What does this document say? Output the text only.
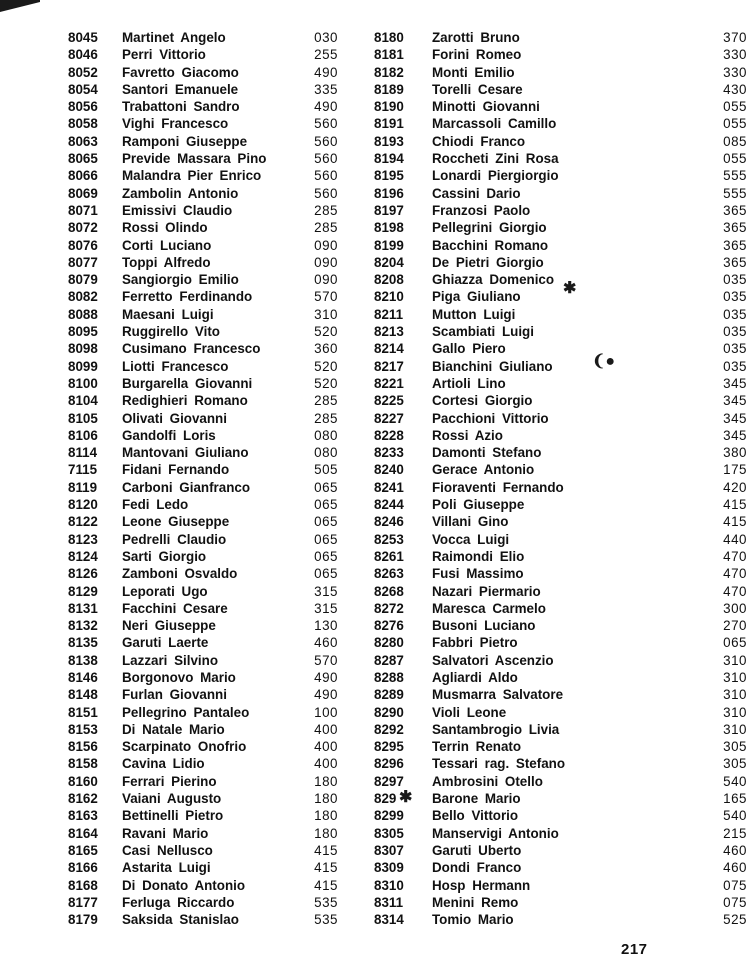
8045 Martinet Angelo	030
8046 Perri Vittorio	255
8052 Favretto Giacomo	490
8054 Santori Emanuele	335
8056 Trabattoni Sandro	490
8058 Vighi Francesco	560
8063 Ramponi Giuseppe	560
8065 Previde Massara Pino	560
8066 Malandra Pier Enrico	560
8069 Zambolin Antonio	560
8071 Emissivi Claudio	285
8072 Rossi Olindo	285
8076 Corti Luciano	090
8077 Toppi Alfredo	090
8079 Sangiorgio Emilio	090
8082 Ferretto Ferdinando	570
8088 Maesani Luigi	310
8095 Ruggirello Vito	520
8098 Cusimano Francesco	360
8099 Liotti Francesco	520
8100 Burgarella Giovanni	520
8104 Redighieri Romano	285
8105 Olivati Giovanni	285
8106 Gandolfi Loris	080
8114 Mantovani Giuliano	080
7115 Fidani Fernando	505
8119 Carboni Gianfranco	065
8120 Fedi Ledo	065
8122 Leone Giuseppe	065
8123 Pedrelli Claudio	065
8124 Sarti Giorgio	065
8126 Zamboni Osvaldo	065
8129 Leporati Ugo	315
8131 Facchini Cesare	315
8132 Neri Giuseppe	130
8135 Garuti Laerte	460
8138 Lazzari Silvino	570
8146 Borgonovo Mario	490
8148 Furlan Giovanni	490
8151 Pellegrino Pantaleo	100
8153 Di Natale Mario	400
8156 Scarpinato Onofrio	400
8158 Cavina Lidio	400
8160 Ferrari Pierino	180
8162 Vaiani Augusto	180
8163 Bettinelli Pietro	180
8164 Ravani Mario	180
8165 Casi Nellusco	415
8166 Astarita Luigi	415
8168 Di Donato Antonio	415
8177 Ferluga Riccardo	535
8179 Saksida Stanislao	535
8180 Zarotti Bruno	370
8181 Forini Romeo	330
8182 Monti Emilio	330
8189 Torelli Cesare	430
8190 Minotti Giovanni	055
8191 Marcassoli Camillo	055
8193 Chiodi Franco	085
8194 Roccheti Zini Rosa	055
8195 Lonardi Piergiorgio	555
8196 Cassini Dario	555
8197 Franzosi Paolo	365
8198 Pellegrini Giorgio	365
8199 Bacchini Romano	365
8204 De Pietri Giorgio	365
8208 Ghiazza Domenico	035
8210 Piga Giuliano	035
8211 Mutton Luigi	035
8213 Scambiati Luigi	035
8214 Gallo Piero	035
8217 Bianchini Giuliano	035
8221 Artioli Lino	345
8225 Cortesi Giorgio	345
8227 Pacchioni Vittorio	345
8228 Rossi Azio	345
8233 Damonti Stefano	380
8240 Gerace Antonio	175
8241 Fioraventi Fernando	420
8244 Poli Giuseppe	415
8246 Villani Gino	415
8253 Vocca Luigi	440
8261 Raimondi Elio	470
8263 Fusi Massimo	470
8268 Nazari Piermario	470
8272 Maresca Carmelo	300
8276 Busoni Luciano	270
8280 Fabbri Pietro	065
8287 Salvatori Ascenzio	310
8288 Agliardi Aldo	310
8289 Musmarra Salvatore	310
8290 Violi Leone	310
8292 Santambrogio Livia	310
8295 Terrin Renato	305
8296 Tessari rag. Stefano	305
8297 Ambrosini Otello	540
829	Barone Mario	165
8299 Bello Vittorio	540
8305 Manservigi Antonio	215
8307 Garuti Uberto	460
8309 Dondi Franco	460
8310 Hosp Hermann	075
8311 Menini Remo	075
8314 Tomio Mario	525
✱
❨●
✱
217
